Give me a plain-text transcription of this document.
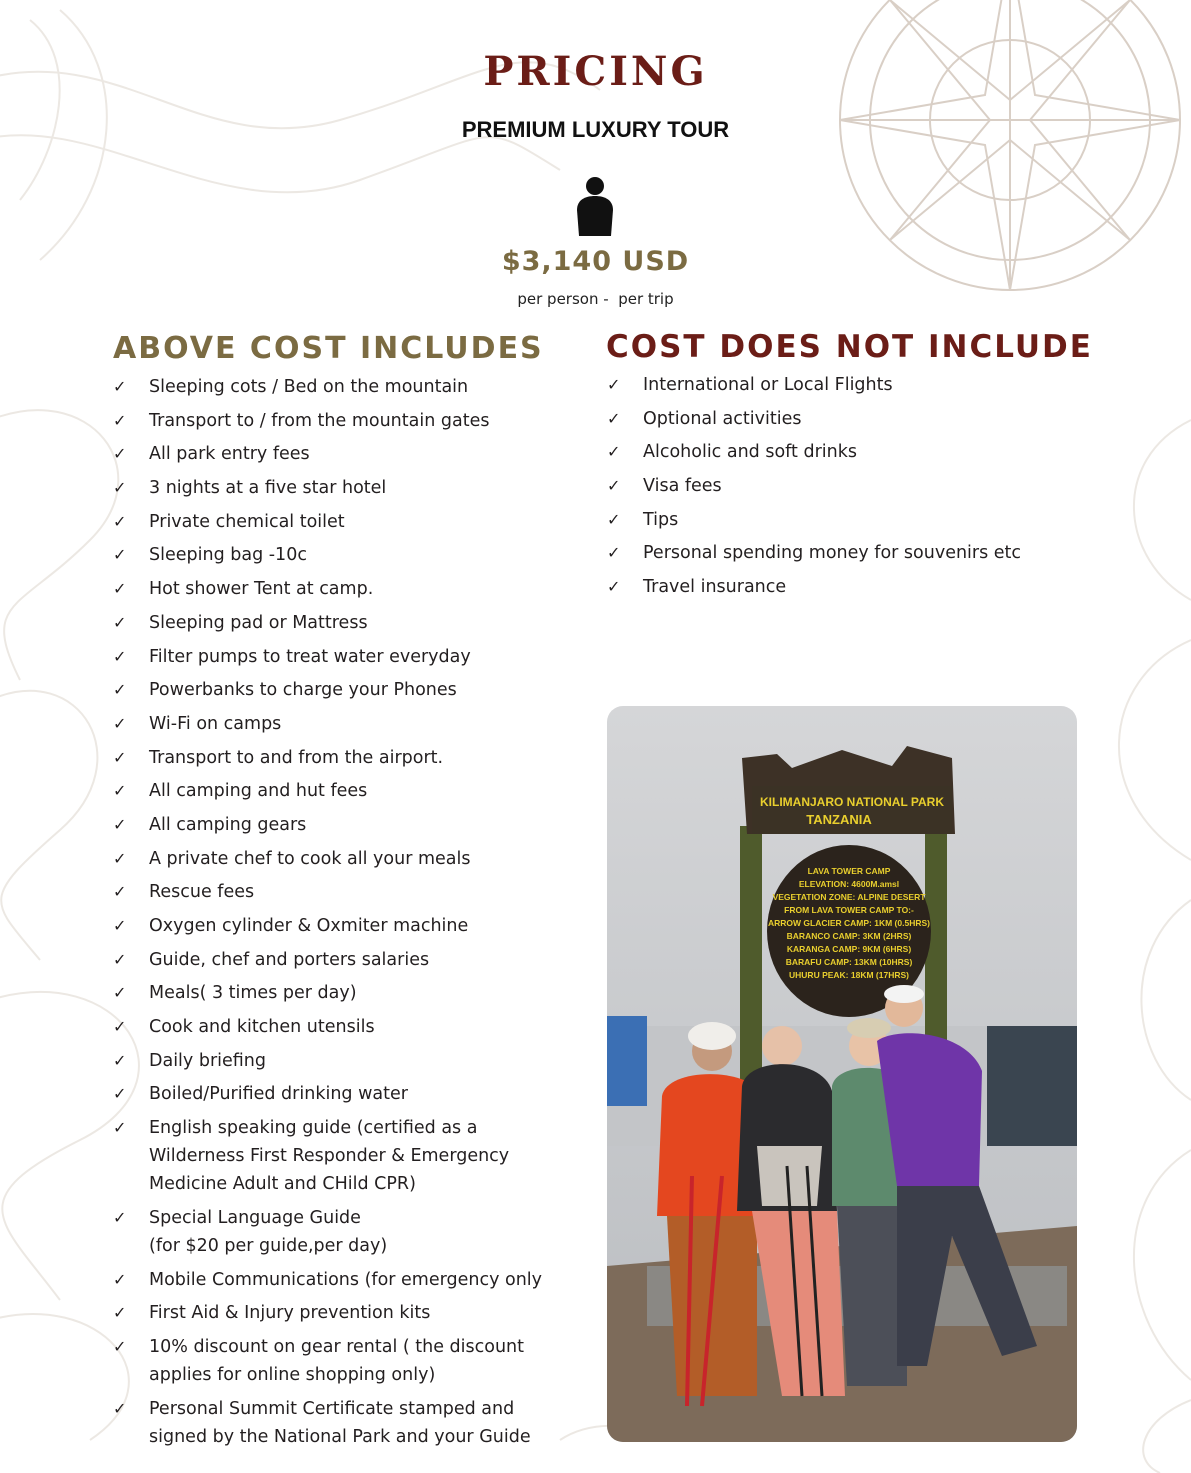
PRICING
PREMIUM LUXURY TOUR
$3,140 USD
per person -  per trip
ABOVE COST INCLUDES COST DOES NOT INCLUDE
✓ Sleeping cots / Bed on the mountain
✓ Transport to / from the mountain gates
✓ All park entry fees
✓ 3 nights at a five star hotel
✓ Private chemical toilet
✓ Sleeping bag -10c
✓ Hot shower Tent at camp.
✓ Sleeping pad or Mattress
✓ Filter pumps to treat water everyday
✓ Powerbanks to charge your Phones
✓ Wi-Fi on camps
✓ Transport to and from the airport.
✓ All camping and hut fees
✓ All camping gears
✓ A private chef to cook all your meals
✓ Rescue fees
✓ Oxygen cylinder & Oxmiter machine
✓ Guide, chef and porters salaries
✓ Meals( 3 times per day)
✓ Cook and kitchen utensils
✓ Daily briefing
✓ Boiled/Purified drinking water
✓ English speaking guide (certified as a
Wilderness First Responder & Emergency
Medicine Adult and CHild CPR)
✓ Special Language Guide
(for $20 per guide,per day)
✓ Mobile Communications (for emergency only
✓ First Aid & Injury prevention kits
✓ 10% discount on gear rental ( the discount
applies for online shopping only)
✓ Personal Summit Certificate stamped and
signed by the National Park and your Guide
✓ International or Local Flights
✓ Optional activities
✓ Alcoholic and soft drinks
✓ Visa fees
✓ Tips
✓ Personal spending money for souvenirs etc
✓ Travel insurance
KILIMANJARO NATIONAL PARK
TANZANIA
LAVA TOWER CAMP
ELEVATION: 4600M.amsl
VEGETATION ZONE: ALPINE DESERT
FROM LAVA TOWER CAMP TO:-
ARROW GLACIER CAMP: 1KM (0.5HRS)
BARANCO CAMP: 3KM (2HRS)
KARANGA CAMP: 9KM (6HRS)
BARAFU CAMP: 13KM (10HRS)
UHURU PEAK: 18KM (17HRS)
